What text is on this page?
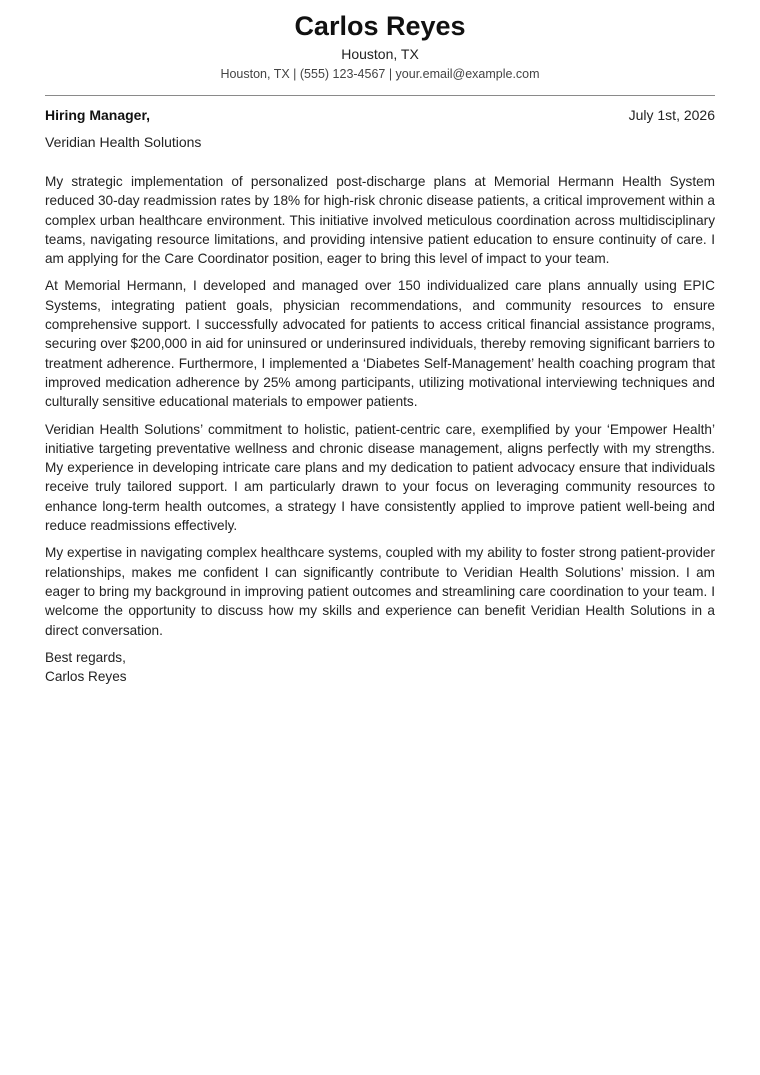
Carlos Reyes
Houston, TX
Houston, TX | (555) 123-4567 | your.email@example.com
Hiring Manager,	July 1st, 2026
Veridian Health Solutions

My strategic implementation of personalized post-discharge plans at Memorial Hermann Health System reduced 30-day readmission rates by 18% for high-risk chronic disease patients, a critical improvement within a complex urban healthcare environment. This initiative involved meticulous coordination across multidisciplinary teams, navigating resource limitations, and providing intensive patient education to ensure continuity of care. I am applying for the Care Coordinator position, eager to bring this level of impact to your team.

At Memorial Hermann, I developed and managed over 150 individualized care plans annually using EPIC Systems, integrating patient goals, physician recommendations, and community resources to ensure comprehensive support. I successfully advocated for patients to access critical financial assistance programs, securing over $200,000 in aid for uninsured or underinsured individuals, thereby removing significant barriers to treatment adherence. Furthermore, I implemented a ‘Diabetes Self-Management’ health coaching program that improved medication adherence by 25% among participants, utilizing motivational interviewing techniques and culturally sensitive educational materials to empower patients.

Veridian Health Solutions’ commitment to holistic, patient-centric care, exemplified by your ‘Empower Health’ initiative targeting preventative wellness and chronic disease management, aligns perfectly with my strengths. My experience in developing intricate care plans and my dedication to patient advocacy ensure that individuals receive truly tailored support. I am particularly drawn to your focus on leveraging community resources to enhance long-term health outcomes, a strategy I have consistently applied to improve patient well-being and reduce readmissions effectively.

My expertise in navigating complex healthcare systems, coupled with my ability to foster strong patient-provider relationships, makes me confident I can significantly contribute to Veridian Health Solutions’ mission. I am eager to bring my background in improving patient outcomes and streamlining care coordination to your team. I welcome the opportunity to discuss how my skills and experience can benefit Veridian Health Solutions in a direct conversation.

Best regards,
Carlos Reyes
